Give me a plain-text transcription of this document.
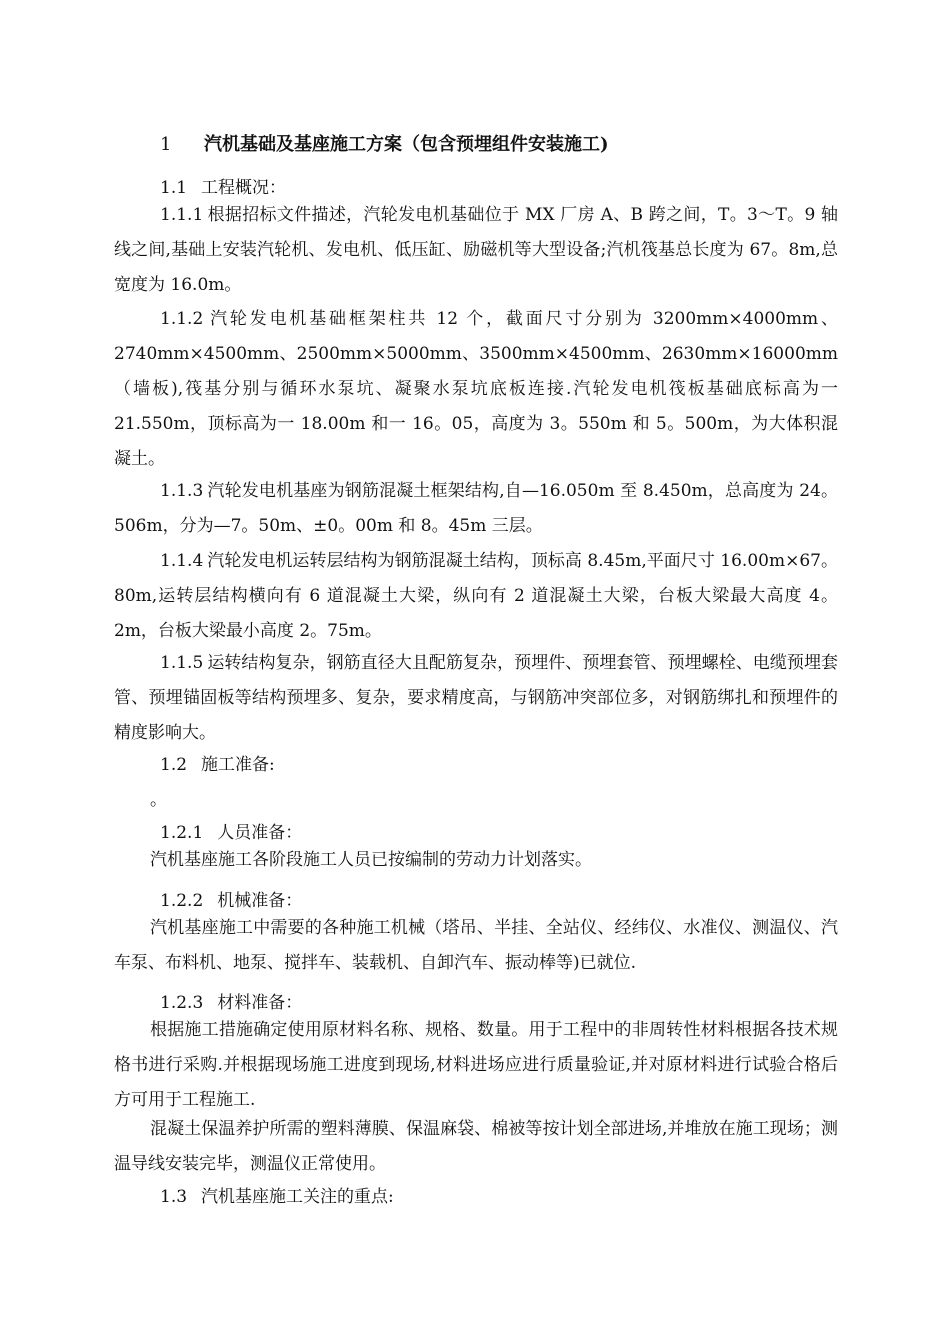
1 汽机基础及基座施工方案（包含预埋组件安装施工)
1.1 工程概况：
1.1.1 根据招标文件描述，汽轮发电机基础位于 MX 厂房 A、B 跨之间，T。3～T。9 轴线之间,基础上安装汽轮机、发电机、低压缸、励磁机等大型设备;汽机筏基总长度为 67。8m,总宽度为 16.0m。
1.1.2 汽轮发电机基础框架柱共 12 个，截面尺寸分别为 3200mm×4000mm、2740mm×4500mm、2500mm×5000mm、3500mm×4500mm、2630mm×16000mm（墙板),筏基分别与循环水泵坑、凝聚水泵坑底板连接.汽轮发电机筏板基础底标高为一 21.550m，顶标高为一 18.00m 和一 16。05，高度为 3。550m 和 5。500m，为大体积混凝土。
1.1.3 汽轮发电机基座为钢筋混凝土框架结构,自—16.050m 至 8.450m，总高度为 24。506m，分为—7。50m、±0。00m 和 8。45m 三层。
1.1.4 汽轮发电机运转层结构为钢筋混凝土结构，顶标高 8.45m,平面尺寸 16.00m×67。80m,运转层结构横向有 6 道混凝土大梁，纵向有 2 道混凝土大梁，台板大梁最大高度 4。2m，台板大梁最小高度 2。75m。
1.1.5 运转结构复杂，钢筋直径大且配筋复杂，预埋件、预埋套管、预埋螺栓、电缆预埋套管、预埋锚固板等结构预埋多、复杂，要求精度高，与钢筋冲突部位多，对钢筋绑扎和预埋件的精度影响大。
1.2 施工准备:
。
1.2.1 人员准备：
汽机基座施工各阶段施工人员已按编制的劳动力计划落实。
1.2.2 机械准备：
汽机基座施工中需要的各种施工机械（塔吊、半挂、全站仪、经纬仪、水准仪、测温仪、汽车泵、布料机、地泵、搅拌车、装载机、自卸汽车、振动棒等)已就位.
1.2.3 材料准备：
根据施工措施确定使用原材料名称、规格、数量。用于工程中的非周转性材料根据各技术规格书进行采购.并根据现场施工进度到现场,材料进场应进行质量验证,并对原材料进行试验合格后方可用于工程施工.
混凝土保温养护所需的塑料薄膜、保温麻袋、棉被等按计划全部进场,并堆放在施工现场；测温导线安装完毕，测温仪正常使用。
1.3 汽机基座施工关注的重点:
